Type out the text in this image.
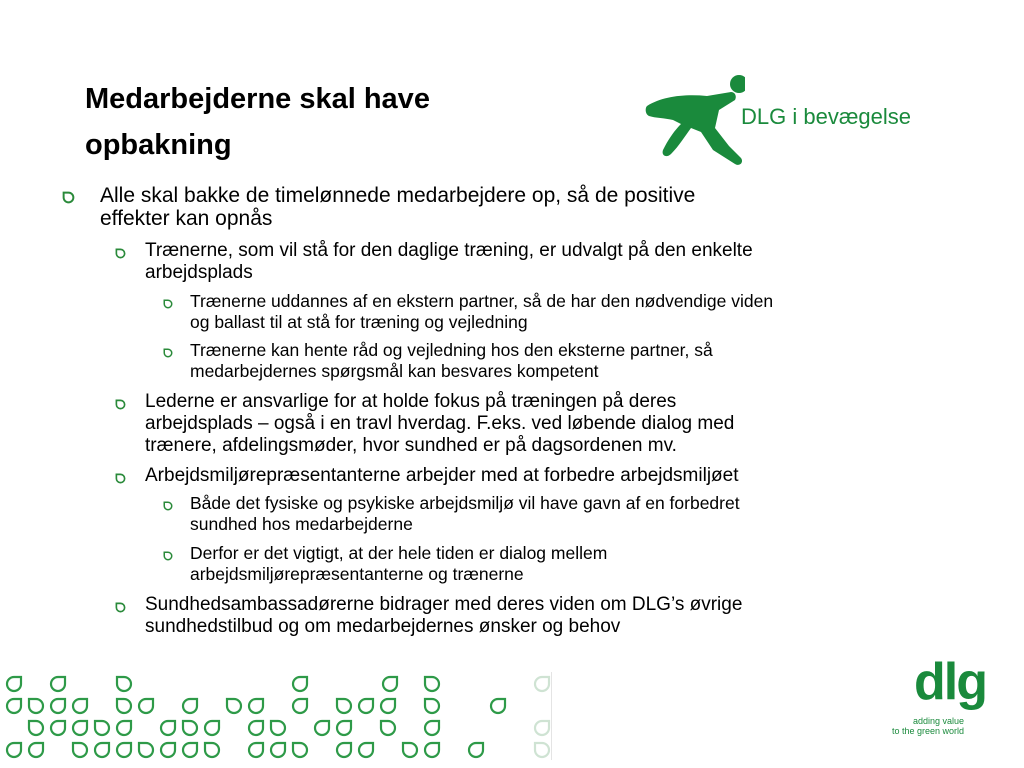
Medarbejderne skal have
opbakning
DLG i bevægelse
Alle skal bakke de timelønnede medarbejdere op, så de positive
effekter kan opnås
Trænerne, som vil stå for den daglige træning, er udvalgt på den enkelte
arbejdsplads
Trænerne uddannes af en ekstern partner, så de har den nødvendige viden
og ballast til at stå for træning og vejledning
Trænerne kan hente råd og vejledning hos den eksterne partner, så
medarbejdernes spørgsmål kan besvares kompetent
Lederne er ansvarlige for at holde fokus på træningen på deres
arbejdsplads – også i en travl hverdag. F.eks. ved løbende dialog med
trænere, afdelingsmøder, hvor sundhed er på dagsordenen mv.
Arbejdsmiljørepræsentanterne arbejder med at forbedre arbejdsmiljøet
Både det fysiske og psykiske arbejdsmiljø vil have gavn af en forbedret
sundhed hos medarbejderne
Derfor er det vigtigt, at der hele tiden er dialog mellem
arbejdsmiljørepræsentanterne og trænerne
Sundhedsambassadørerne bidrager med deres viden om DLG’s øvrige
sundhedstilbud og om medarbejdernes ønsker og behov
dlg
adding value
to the green world
